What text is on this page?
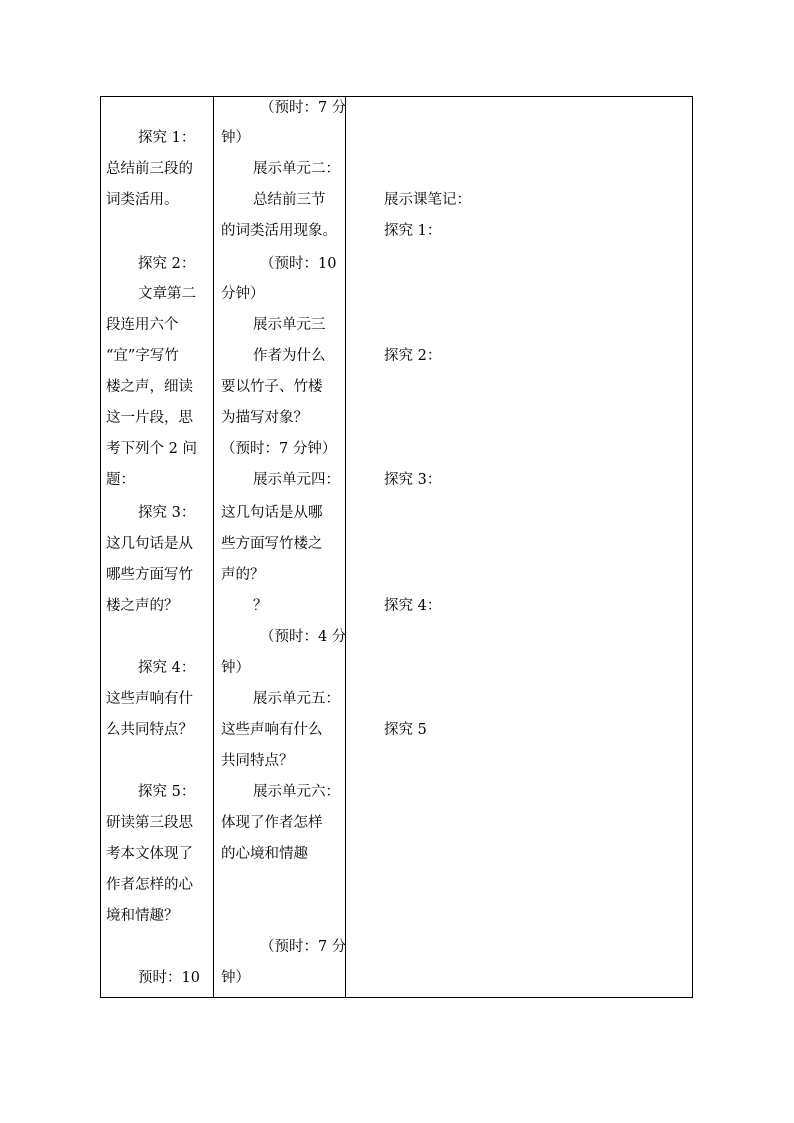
探究 1：
总结前三段的
词类活用。
探究 2：
文章第二
段连用六个
“宜”字写竹
楼之声，细读
这一片段，思
考下列个 2 问
题：
探究 3：
这几句话是从
哪些方面写竹
楼之声的？
探究 4：
这些声响有什
么共同特点？
探究 5：
研读第三段思
考本文体现了
作者怎样的心
境和情趣？
预时：10
（预时：7 分
钟）
展示单元二：
总结前三节
的词类活用现象。
（预时：10
分钟）
展示单元三
作者为什么
要以竹子、竹楼
为描写对象？
（预时：7 分钟）
展示单元四：
这几句话是从哪
些方面写竹楼之
声的？
？
（预时：4 分
钟）
展示单元五：
这些声响有什么
共同特点？
展示单元六：
体现了作者怎样
的心境和情趣
（预时：7 分
钟）
展示课笔记：
探究 1：
探究 2：
探究 3：
探究 4：
探究 5
